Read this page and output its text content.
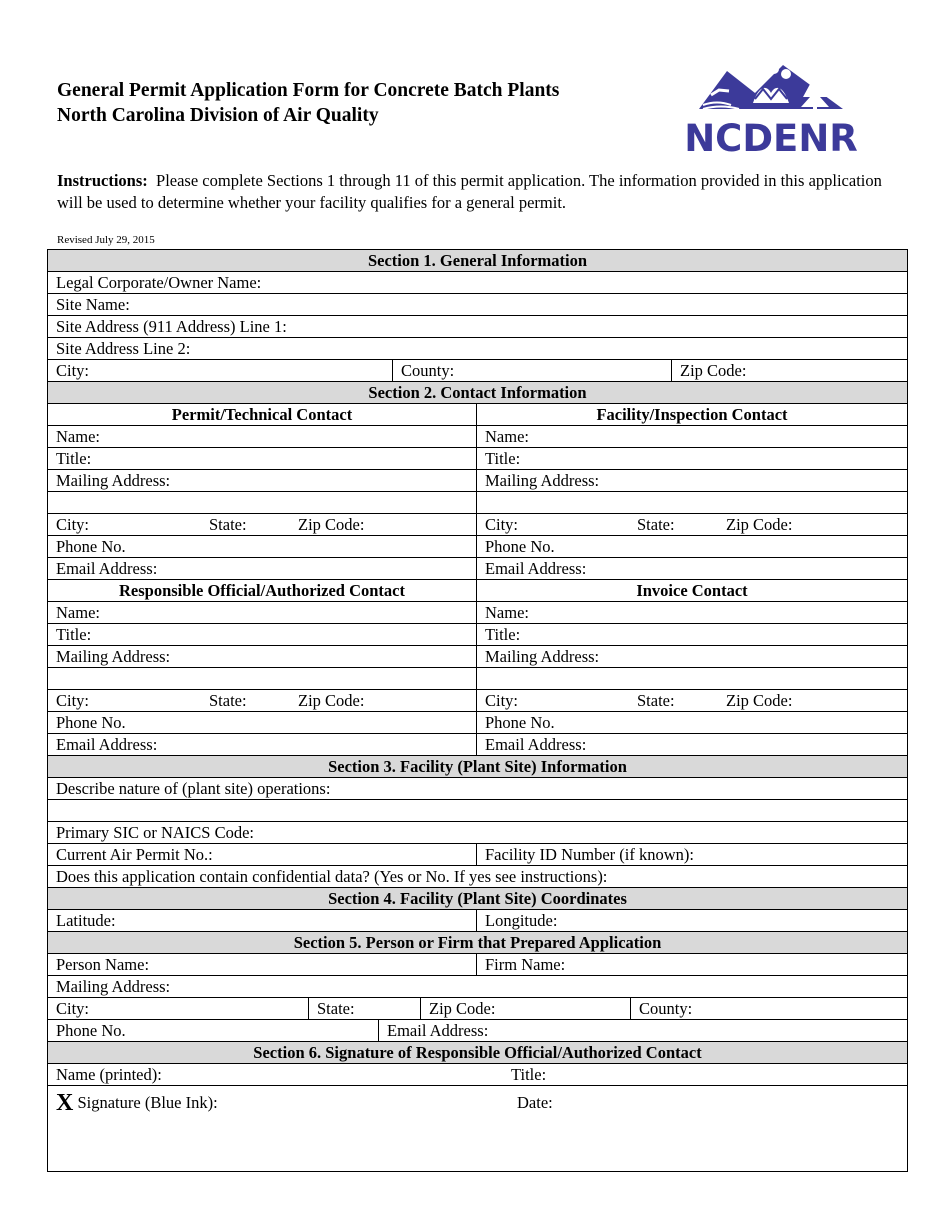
General Permit Application Form for Concrete Batch Plants
North Carolina Division of Air Quality
NCDENR
Instructions: Please complete Sections 1 through 11 of this permit application. The information provided in this application will be used to determine whether your facility qualifies for a general permit.
Revised July 29, 2015
Section 1. General Information
Legal Corporate/Owner Name:
Site Name:
Site Address (911 Address) Line 1:
Site Address Line 2:
City:	County:	Zip Code:
Section 2. Contact Information
Permit/Technical Contact	Facility/Inspection Contact
Name:	Name:
Title:	Title:
Mailing Address:	Mailing Address:
City:	State:	Zip Code:	City:	State:	Zip Code:
Phone No.	Phone No.
Email Address:	Email Address:
Responsible Official/Authorized Contact	Invoice Contact
Name:	Name:
Title:	Title:
Mailing Address:	Mailing Address:
City:	State:	Zip Code:	City:	State:	Zip Code:
Phone No.	Phone No.
Email Address:	Email Address:
Section 3. Facility (Plant Site) Information
Describe nature of (plant site) operations:
Primary SIC or NAICS Code:
Current Air Permit No.:	Facility ID Number (if known):
Does this application contain confidential data? (Yes or No. If yes see instructions):
Section 4. Facility (Plant Site) Coordinates
Latitude:	Longitude:
Section 5. Person or Firm that Prepared Application
Person Name:	Firm Name:
Mailing Address:
City:	State:	Zip Code:	County:
Phone No.	Email Address:
Section 6. Signature of Responsible Official/Authorized Contact
Name (printed):	Title:
X Signature (Blue Ink):	Date:
